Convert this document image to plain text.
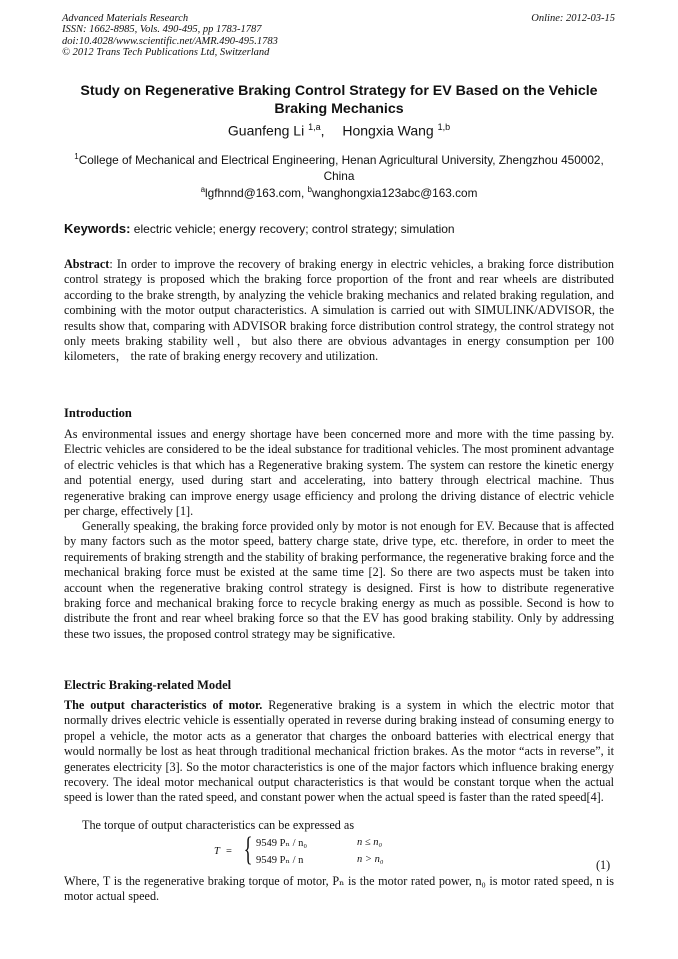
Advanced Materials Research
ISSN: 1662-8985, Vols. 490-495, pp 1783-1787
doi:10.4028/www.scientific.net/AMR.490-495.1783
© 2012 Trans Tech Publications Ltd, Switzerland
Online: 2012-03-15
Study on Regenerative Braking Control Strategy for EV Based on the Vehicle Braking Mechanics
Guanfeng Li $^{1,a}$, Hongxia Wang $^{1,b}$
$^1$College of Mechanical and Electrical Engineering, Henan Agricultural University, Zhengzhou 450002, China
$^a$lgfhnnd@163.com, $^b$wanghongxia123abc@163.com
Keywords: electric vehicle; energy recovery; control strategy; simulation
Abstract: In order to improve the recovery of braking energy in electric vehicles, a braking force distribution control strategy is proposed which the braking force proportion of the front and rear wheels are distributed according to the brake strength, by analyzing the vehicle braking mechanics and related braking regulation, and combining with the motor output characteristics. A simulation is carried out with SIMULINK/ADVISOR, the results show that, comparing with ADVISOR braking force distribution control strategy, the control strategy not only meets braking stability well，but also there are obvious advantages in energy consumption per 100 kilometers， the rate of braking energy recovery and utilization.
Introduction
As environmental issues and energy shortage have been concerned more and more with the time passing by. Electric vehicles are considered to be the ideal substance for traditional vehicles. The most prominent advantage of electric vehicles is that which has a Regenerative braking system. The system can restore the kinetic energy and potential energy, used during start and accelerating, into battery through electrical machine. Thus regenerative braking can improve energy usage efficiency and prolong the driving distance of electric vehicle per charge, effectively [1].
Generally speaking, the braking force provided only by motor is not enough for EV. Because that is affected by many factors such as the motor speed, battery charge state, drive type, etc. therefore, in order to meet the requirements of braking strength and the stability of braking performance, the regenerative braking force and the mechanical braking force must be existed at the same time [2]. So there are two aspects must be taken into account when the regenerative braking control strategy is designed. First is how to distribute regenerative braking force and mechanical braking force to recycle braking energy as much as possible. Second is how to distribute the front and rear wheel braking force so that the EV has good braking stability. Only by addressing these two issues, the proposed control strategy may be significative.
Electric Braking-related Model
The output characteristics of motor. Regenerative braking is a system in which the electric motor that normally drives electric vehicle is essentially operated in reverse during braking instead of consuming energy to propel a vehicle, the motor acts as a generator that charges the onboard batteries with electrical energy that would normally be lost as heat through traditional mechanical friction brakes. As the motor “acts in reverse”, it generates electricity [3]. So the motor characteristics is one of the major factors which influence braking energy recovery. The ideal motor mechanical output characteristics is that would be constant torque when the actual speed is lower than the rated speed, and constant power when the actual speed is faster than the rated speed[4].
The torque of output characteristics can be expressed as
T = { 9549 Pₙ / n₀	n ≤ n₀
9549 Pₙ / n	n > n₀	(1)
Where, T is the regenerative braking torque of motor, Pₙ is the motor rated power, n₀ is motor rated speed, n is motor actual speed.
